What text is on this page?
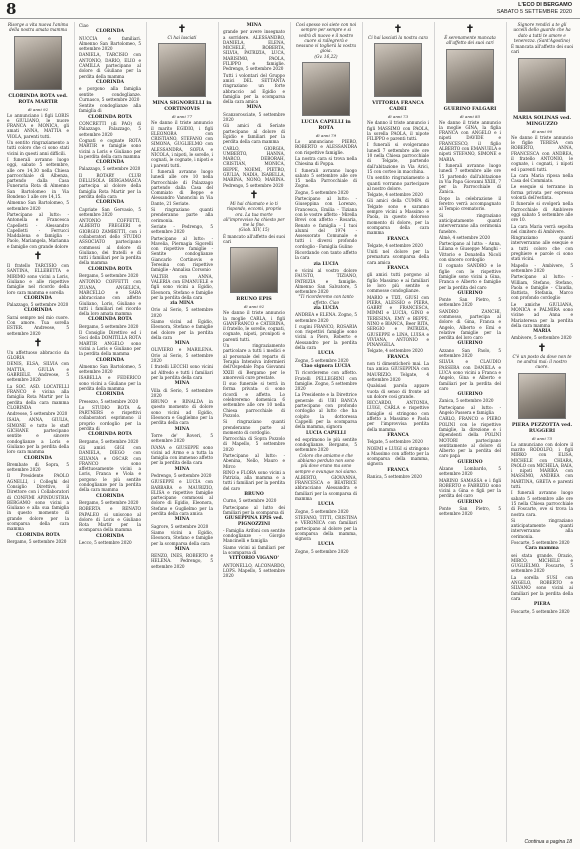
8	L'ECO DI BERGAMO
SABATO 5 SETTEMBRE 2020
Risorge a vita nuova l'anima della nostra amata mamma
CLORINDA ROTA ved. ROTA MARTIR
di anni 92
Lo annunciano i figli LORIS e GIULIANO, le nuore FRANCA e MONICA, gli amati ANNA, MATTIA e VIOLA, parenti tutti.
Un sentito ringraziamento a tutti coloro che ci sono stati vicini in questi anni difficili.
I funerali avranno luogo oggi, sabato 5 settembre, alle ore 14,30 nella Chiesa parrocchiale di Albenza, partendo dalla Casa Funeraria Rota di Almenno San Bartolomeo in Via Bondeno 1 alle ore 14,15.
Almenno San Bartolomeo, 5 settembre 2020
Partecipano al lutto: - Antonella e Francesca Capelletti - Alessandro Capelletti - Ferrucci Maddalena e famiglia - Paolo, Mariangela, Marianna e famiglie con grande dolore
✝
Il fratello TARCISIO con SANTINA, ELLEBETTA e MIRIMO sono vicini a Loris, Giuliano e alle rispettive famiglie nel ricordo della loro cara mamma e sorella
CLORINDA
Palazzago, 5 settembre 2020
CLORINDA
Sarai sempre nel mio cuore. Con amore. Tua sorella ESTER. Andreose, 5 settembre 2020
✝
Un affettuoso abbraccio da GLORIA
DENIS, ELSA, SILVIA con MATTIA, GIULIA e GABRIELE. Andreose, 5 settembre 2020
La SOC. ASD. LOCATELLI FRANCO è vicina alla famiglia Rota Martir per la perdita della cara mamma CLORINDA
Andreose, 5 settembre 2020
ISAIA, ANNA, GIULIA, SIMONE e tutto lo staff GICHANE partecipano sentite e sincere condoglianze a Loris e Giuliano per la perdita della loro cara mamma
CLORINDA
Brembate di Sopra, 5 settembre 2020
Il Presidente PAOLO AGNELLI, i Colleghi del Consiglio Direttivo, il Direttore con i Collaboratori di CONFIMI APINDUSTRIA BERGAMO sono vicini a Giuliano e alla sua famiglia in questo momento di grande dolore per la scomparsa della cara mamma
CLORINDA ROTA
Bergamo, 5 settembre 2020
Ciao
CLORINDA
NUCCIA e familiari. Almenno San Bartolomeo, 5 settembre 2020
DANIELA, TARCISIO con ANTONIO, DARIO, ELIO e CAMILLA partecipano al dolore di Giuliano per la perdita della mamma
CLORINDA
e porgono alla famiglia sentite condoglianze. Curnasco, 5 settembre 2020
Sentite condoglianze alla famiglia di
CLORINDA ROTA
CONCRETTI (di PAO) di Palazzago. Palazzago, 5 settembre 2020
Cognati e cognate ROTA MARTIR e famiglie sono vicini a Loris e Giuliano per la perdita della cara mamma
CLORINDA
Palazzago, 5 settembre 2020
Il ROTARY CLUB DELLISOLA BERGAMASCA partecipa al dolore della famiglia Rota Martir per la perdita della cara
CLORINDA
Capriate San Gervasio, 5 settembre 2020
ANTONIO COFFETTI, ALBERTO FREGIERI e GIORGIO ZAMBETTI, con i collaboratori dello STUDIO ASSOCIATO partecipano commossi al dolore di Giuliano, dei fratelli e di tutti i familiari per la perdita della mamma
CLORINDA ROTA
Bergamo, 5 settembre 2020
ANTONIO COFFETTI con ZUANA, ANGELICA, MARCELLO e SARA abbracciano con affetto Giuliano, Loris, Giuliano e tutti i familiari nel ricordo della loro amata mamma
CLORINDA ROTA
Bergamo, 5 settembre 2020
Il Consiglio Direttivo ed i Soci della DOMITILLA ROTA MARTIR ANGELO sono vicini a Loris e Giuliano per la perdita della mamma
CLORINDA
Almenno San Bartolomeo, 5 settembre 2020
ISABELLA e FEDERICO sono vicini a Giuliano per la perdita della mamma
CLORINDA
Presezzo, 5 settembre 2020
Lo STUDIO ROTA & PARTNERS e rispettivi collaboratori esprimono il proprio cordoglio per la perdita di
CLORINDA ROTA
Bergamo, 5 settembre 2020
Gli amici GIGI con DANIELA, DIEGO con SILVANA e OSCAR con FRANCO sono affettuosamente vicini a Loris, Franca e Viola e porgono le più sentite condoglianze per la perdita della cara mamma
CLORINDA
Bergamo, 5 settembre 2020
ROBERTA e RENATO PAPALEO si uniscono al dolore di Loris e Giuliano Rota Martir per la scomparsa della mamma
CLORINDA
Lecco, 5 settembre 2020
✝
Ci hai lasciati
MINA SIGNORELLI in CORTINOVIS
di anni 77
Ne danno il triste annuncio il marito EGIDIO, i figli ELEONORA con CRISTIANO, STEFANO con SIMONA, GUGLIELMO con ALESSANDRA, SOFIA e NICOLA, i nipoti, le sorelle, i cognati, le cognate, i nipoti e i parenti tutti.
I funerali avranno luogo lunedì alle ore 10 nella Parrocchiale di Palazzago partendo dalla Casa del Commiato di Beppe e Alessandro Vanoncini in Via Dante, 21 Seriate.
Si ringraziano quanti prenderanno parte alla cerimonia.
Seriate - Pedrengo, 5 settembre 2020
Partecipano al lutto: - Mavelia, Piernagia Sigorelli con rispettive famiglie - Sentite condoglianze Giancarlo Cortinovis e Teresina con rispettive famiglie - Annalisa Corsonio
VALTER con ANNA, VALERIA con EMANUELE e figli sono vicini a Egidio, Eleonora, Stefano e famiglie per la perdita della cara
zia MINA
Orio al Serio, 5 settembre 2020
Siamo vicini ad Egidio, Eleonora, Stefano e famiglie nel dolore per la perdita della cara
MINA
OLIVIERO e MARILENA. Orio al Serio, 5 settembre 2020
I fratelli LECCHI sono vicini ad Alfredo e tutti i familiari per la perdita della cara
MINA
Villa di Serio, 5 settembre 2020
BRUNO e RINALDA in questo momento di dolore sono vicini ad Egidio, Eleonora e Guglielmo per la perdita della cara
MINA
Torre de' Roveri, 5 settembre 2020
IVANA e GIUSEPPE sono vicini ad Armo e a tutta la famiglia con immenso affetto per la perdita della cara
MINA
Pedrengo, 5 settembre 2020
GIUSEPPE e LUCIA con BARBARA e MAURIZIO, ELISA e rispettive famiglie partecipano commossi al dolore di Egidio, Eleonora, Stefano e Guglielmo per la perdita della cara amica
MINA
Sagrore, 5 settembre 2020
Siamo vicini a Egidio, Eleonora, Stefano e famiglie per la scomparsa della cara
MINA
RENZO, INES, ROBERTO e HELENA. Pedrengo, 5 settembre 2020
MINA
grande per avere insegnato a sorridere. ALESSANDRO, DANIELA, ELENA, MICHELE, ROBERTA, SILVIA, PATRIZIA, LUCA, MARISIMO, PAOLA, FILIPPO e famiglie. Pedrengo, 5 settembre 2020
Tutti i volontari del Gruppo amici DEL SETTANTA ringraziano un forte abbraccio ad Egidio e famiglia per la scomparsa della cara amica
MINA
Scanzorosciate, 5 settembre 2020
Gli amici di Seriate partecipano al dolore di Egidio e familiari per la perdita della cara mamma
CARLO, GIORGIA, UMBERTO, HANNA, MARCO, DEBORAH, CRISTIAN, MONICA, BEPPE, NOEMI, PIETRO, GIULIA, NADIA, ISABELLA, MARINA, NONO, MARINA. Pedrengo, 5 settembre 2020
✝
Mi hai chiamato e io ti rispondo, eccomi, proprio ora. La tua morte all'improvviso ha chiesto per me la fine.
(Giob. XIV, 15)
È mancato all'affetto dei suoi cari
BRUNO EPIS
di anni 92
Ne danno il triste annuncio la moglie CARLA, i figli GIANFRANCO e CATERINA, il fratello, le sorelle, cognati, cognate, nipoti, pronipoti e parenti tutti.
Un ringraziamento particolare a tutti i medici e al personale del reparto di Terapia Intensiva infermieri dell'Ospedale Papa Giovanni XXIII di Bergamo per le amorevoli cure prestate.
Il suo funerale si terrà in forma privata: ci sono ricordi e affetto. Lo celebreremo domenica 6 settembre alle ore 10 nella Chiesa parrocchiale di Pozzolo.
Si ringraziano quanti prenderanno parte al momento di cordoglio.
Parrocchia di Sopra Pozzolo di Mapello, 5 settembre 2020
Partecipano al lutto: - Abenina, Nello, Mauro e Mirco
RINO e FLORA sono vicini a Patrizia, alla mamma e a tutti i familiari per la perdita del caro
BRUNO
Curno, 5 settembre 2020
Partecipano al lutto dei familiari per la scomparsa di
GIUSEPPINA EPIS ved. PIGNOZZINI
- Famiglia Arifoni con sentite condoglianze - Giorgio Mancinelli e famiglia
Siamo vicini ai familiari per la scomparsa di
VITTORIO VIGANO'
ANTONELLO, ALCONARDO, LOPS. Mapello, 5 settembre 2020
Così spesso voi siete con noi sempre per sempre e si vedrà di nuovo e il nostro cuore si rallegrerà e nessuno vi toglierà la vostra gioia.
(Gv. 16,22)
LUCIA CAPELLI in ROTA
di anni 79
Lo annunciano PIERO, ROBERTO e ALESSANDRA con rispettive famiglie.
La nostra cara si trova nella Chiesina di Poppa.
I funerali avranno luogo sabato 5 settembre alle ore 15 nella Parrocchiale di Zogno.
Zogno, 5 settembre 2020
Partecipano al lutto: - Giuseppina con Lorenzo, Francesca, Emilia - Tiziana con le vostre affetto - Mirella Brevi con affetto - Rosaria, Renato e famiglia - I tuoi alunni del 1974 - Assessorato Comunale e tutti i diversi profondo cordoglio - Famiglia Gulino
Ricordando con tanto affetto la cara
zia LUCIA
e vicini al vostro dolore FAUSTO, TIZIANO, PATRIZIA e famiglie. Almenno San Salvatore, 5 settembre 2020
"Ti ricorderemo con tanto affetto. Ciao
zia LUCIA
ANDREA e ELENA. Zogno, 5 settembre 2020
I cugini FRANCO, ROSARIA con rispettivi famiglie sono vicini a Piero, Roberto e Alessandro per la perdita della cara
LUCIA
Zogno, 5 settembre 2020
Ciao signora LUCIA
Ti ricorderemo con affetto. Fratelli PELLEGRINI con famiglie. Zogno, 5 settembre 2020
La Presidente e la Direttrice generale di UBI BANCA partecipano con profondo cordoglio al lutto che ha colpito la dottoressa Cappelli per la scomparsa della mamma, signora
LUCIA CAPELLI
ed esprimono le più sentite condoglianze. Bergamo, 5 settembre 2020
Coloro che amiamo e che abbiamo perduto non sono più dove erano ma sono sempre e ovunque noi siamo.
ALBERTO, GIOVANNA, FRANCESCA e BEATRICE abbracciano Alessandra e familiari per la scomparsa di mamma
LUCIA
Zogno, 5 settembre 2020
STEFANO, TITTI, CRISTINA e VERONICA con familiari partecipano al dolore per la scomparsa della mamma, signora
LUCIA
Zogno, 5 settembre 2020
✝
Ci hai lasciati la nostra cara
VITTORIA FRANCA CADEI
di anni 73
Ne danno il triste annuncio i figli MASSIMO con PAOLA, la sorella PAOLA, il nipote FILIPPO e parenti tutti.
I funerali si svolgeranno lunedì 7 settembre alle ore 10 nella Chiesa parrocchiale di Telgate, partendo dall'abitazione in Via Arici, 15 con corteo in macchina.
Un sentito ringraziamento a quanti vorranno partecipare al nostro dolore.
Telgate, 4 settembre 2020
Gli amici della CUMPA di Telgate sono e saranno sempre vicini a Massimo e Paola, in questo doloroso momento di dolore, per la scomparsa della cara mamma
FRANCA
Telgate, 4 settembre 2020
Uniti nel dolore per la prematura scomparsa della cara amica
FRANCA
gli amici tutti porgono al figlio Massimo e ai familiari le loro più sentite e commosse condoglianze.
MARIO e TIZI, GIUSI con PIERA, ALESSIO e PIERA, GABRY e FRANCESCA, MIMMI e LUCIA, GINO e TERESINA, EMY e BEPPE, NINO e BIANCA, Beer RITA, SERGIO e PATRIZIA, GIUSEPPE e LINA, LUISA e VIVIANA, ANTONIO e PINANGELA.
Telgate, 4 settembre 2020
FRANCA
non ti dimenticherò mai. La tua amica GIUSEPPINA con MAURIZIO. Telgate, 4 settembre 2020
Qualsiasi parola appare vuota di senso di fronte ad un dolore così grande.
RICCARDO, ANTONIA, LUIGI, CARLA e rispettive famiglie si stringono con affetto a Massimo e Paola per l'improvvisa perdita della mamma
FRANCA
Telgate, 5 settembre 2020
NOEMI e LUIGI si stringono a Massimo con affetto per la scomparsa della mamma, signora
FRANCA
Ranica, 5 settembre 2020
✝
È serenamente mancata all'affetto dei suoi cari
GUERINO FALGARI
di anni 85
Ne danno il triste annuncio la moglie GINA, la figlia FRANCA con ANGELO e i nipoti DAVIDE e FRANCESCO, il figlio ALBERTO con EMANUELA e nipoti STEFANO, SIMONE e MARIA.
I funerali avranno luogo lunedì 7 settembre alle ore 15 partendo dall'abitazione in Via Papa Giovanni XXIII, 7 per la Parrocchiale di Zanica.
Dopo la celebrazione il feretro verrà accompagnato al Tempio crematorio.
Si ringraziano anticipatamente quanti interverranno alla cerimonia funebre.
Almè, 4 settembre 2020
Partecipano al lutto: - Anna, Liliana e Giuseppe Manghi - Vittorio e Donatella Nicoli con sincero cordoglio
Il cognato SANDRO e le figlie con le rispettive famiglie sono vicini a Gina, Franca e Alberto e famiglie per la perdita del caro
GUERINO
Ponte San Pietro, 5 settembre 2020
SANDRO ZANCHI, commosso, partecipa al dolore di Gina, Franca e Angelo, Alberto e Emi e relative famiglie per la perdita del loro caro
GUERINO
Azzano San Paolo, 5 settembre 2020
SILVIA e CLAUDIO PASSERA con DANIELA e LUCA sono vicini a Franca e Angelo, Gina e Alberto e familiari per la perdita del caro
GUERINO
Zanica, 5 settembre 2020
Partecipano al lutto: - Angelo Passera e famiglia
CARLO, FRANCO e PIERO POLINI con le rispettive famiglie, la direzione e i dipendenti della POLINI MOTORI partecipano sentitamente al dolore di Alberto per la perdita del caro papà
GUERINO
Alzano Lombardo, 5 settembre 2020
MARINO SAMASSA e i figli ROBERTO e FABRIZIO sono vicini a Gina e figli per la perdita del caro
GUERINO
Ponte San Pietro, 5 settembre 2020
Signore rendici a te gli uccelli dello guardo che ha dato a tutti te amore e tenerezza. (Sant'Agostino)
È mancata all'affetto dei suoi cari
MARIA SOLINAS ved. MINGUZZO
di anni 90
Ne danno il triste annuncio le figlie TERESA con ROBERTO, ANNA, FRANCESCA con ANDREA, il fratello ANTONIO, le cognate, i cognati, i nipoti ed i parenti tutti.
La cara Maria riposa nella Casa del Commiato.
Le esequie si terranno in forma privata per espressa volontà dell'estinta.
Il funerale si svolgerà nella Parrocchiale di Ambivere oggi sabato 5 settembre alle ore 10.
La cara Maria verrà sepolta nel cimitero di Ambivere.
Ringraziamo quanti interverranno alle esequie e a tutti coloro che con preghiere e parole ci sono stati vicini.
Mapello - Ambivere, 5 settembre 2020
Partecipano al lutto: - William, Stefano, Stefano, Paola e famiglie - Claudia, Battista, Stefania, Marco con profondo cordoglio
Le amiche GIULIANA, MONICA e PALMIRA sono vicine ad Anna e Mariateresa per la perdita della cara mamma
MARIA
Ambivere, 5 settembre 2020
✝
C'è un posto da dove non te ne andrai mai: il nostro cuore.
PIERA PEZZOTTA ved. RUGGERI
di anni 75
Lo annunciano con dolore il marito RODOLFO, i figli MIRKO con ELISA, MICHELE con CHIARA, PAOLO con MICHELA, BAIA, i nipoti MARIKA con MASSIMO, ANDREA con MARTINA, GRETA e parenti tutti.
I funerali avranno luogo sabato 5 settembre alle ore 15 nella Chiesa parrocchiale di Foscarte, ove si trova la nostra cara.
Si ringraziano anticipatamente quanti interverranno alla cerimonia.
Foscarte, 5 settembre 2020
Cara mamma
sei stata grande. Orazio, MIRCO, MICHELE e GUGLIELMO. Foscarte, 5 settembre 2020
La sorella SUSI con ANGELO, ROBERTO e SILVANO sono vicini ai familiari per la perdita della cara
PIERA
Foscarte, 5 settembre 2020
Continua a pagina 18
